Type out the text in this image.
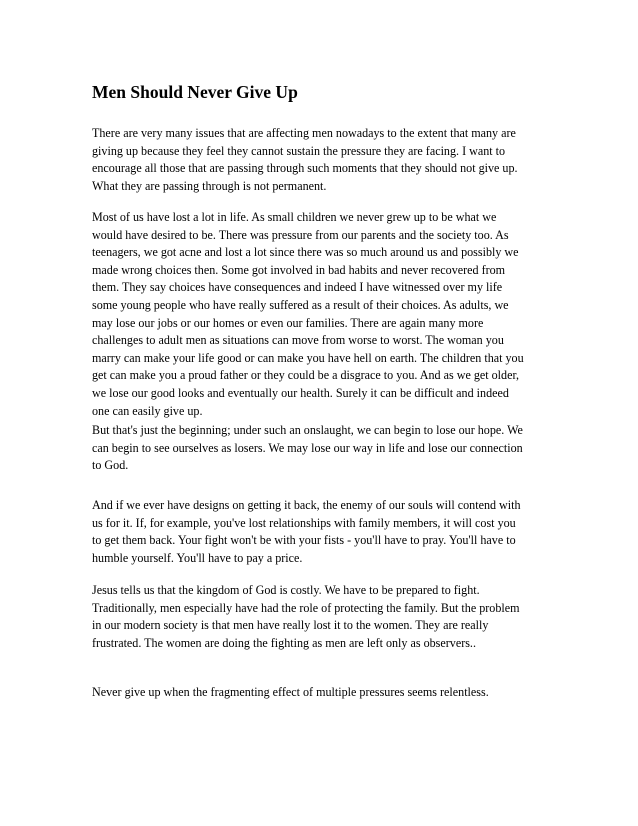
Men Should Never Give Up

There are very many issues that are affecting men nowadays to the extent that many are
giving up because they feel they cannot sustain the pressure they are facing. I want to
encourage all those that are passing through such moments that they should not give up.
What they are passing through is not permanent.

Most of us have lost a lot in life. As small children we never grew up to be what we
would have desired to be. There was pressure from our parents and the society too. As
teenagers, we got acne and lost a lot since there was so much around us and possibly we
made wrong choices then. Some got involved in bad habits and never recovered from
them. They say choices have consequences and indeed I have witnessed over my life
some young people who have really suffered as a result of their choices. As adults, we
may lose our jobs or our homes or even our families. There are again many more
challenges to adult men as situations can move from worse to worst. The woman you
marry can make your life good or can make you have hell on earth. The children that you
get can make you a proud father or they could be a disgrace to you. And as we get older,
we lose our good looks and eventually our health. Surely it can be difficult and indeed
one can easily give up.

But that's just the beginning; under such an onslaught, we can begin to lose our hope. We
can begin to see ourselves as losers. We may lose our way in life and lose our connection
to God.

And if we ever have designs on getting it back, the enemy of our souls will contend with
us for it. If, for example, you've lost relationships with family members, it will cost you
to get them back. Your fight won't be with your fists - you'll have to pray. You'll have to
humble yourself. You'll have to pay a price.

Jesus tells us that the kingdom of God is costly. We have to be prepared to fight.
Traditionally, men especially have had the role of protecting the family. But the problem
in our modern society is that men have really lost it to the women. They are really
frustrated. The women are doing the fighting as men are left only as observers..

Never give up when the fragmenting effect of multiple pressures seems relentless.
